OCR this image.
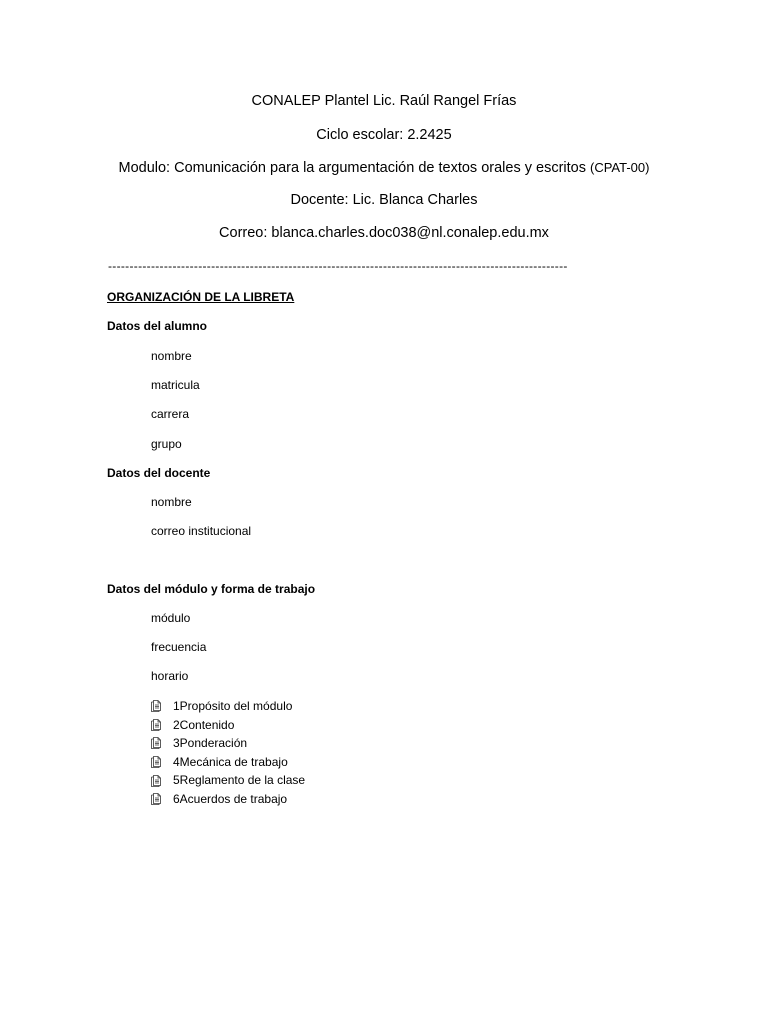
CONALEP Plantel Lic. Raúl Rangel Frías
Ciclo escolar: 2.2425
Modulo: Comunicación para la argumentación de textos orales y escritos (CPAT-00)
Docente: Lic. Blanca Charles
Correo: blanca.charles.doc038@nl.conalep.edu.mx
-----------------------------------------------------------------------------------------------------------
ORGANIZACIÓN DE LA LIBRETA
Datos del alumno
nombre
matricula
carrera
grupo
Datos del docente
nombre
correo institucional
Datos del módulo y forma de trabajo
módulo
frecuencia
horario
1Propósito del módulo
2Contenido
3Ponderación
4Mecánica de trabajo
5Reglamento de la clase
6Acuerdos de trabajo
